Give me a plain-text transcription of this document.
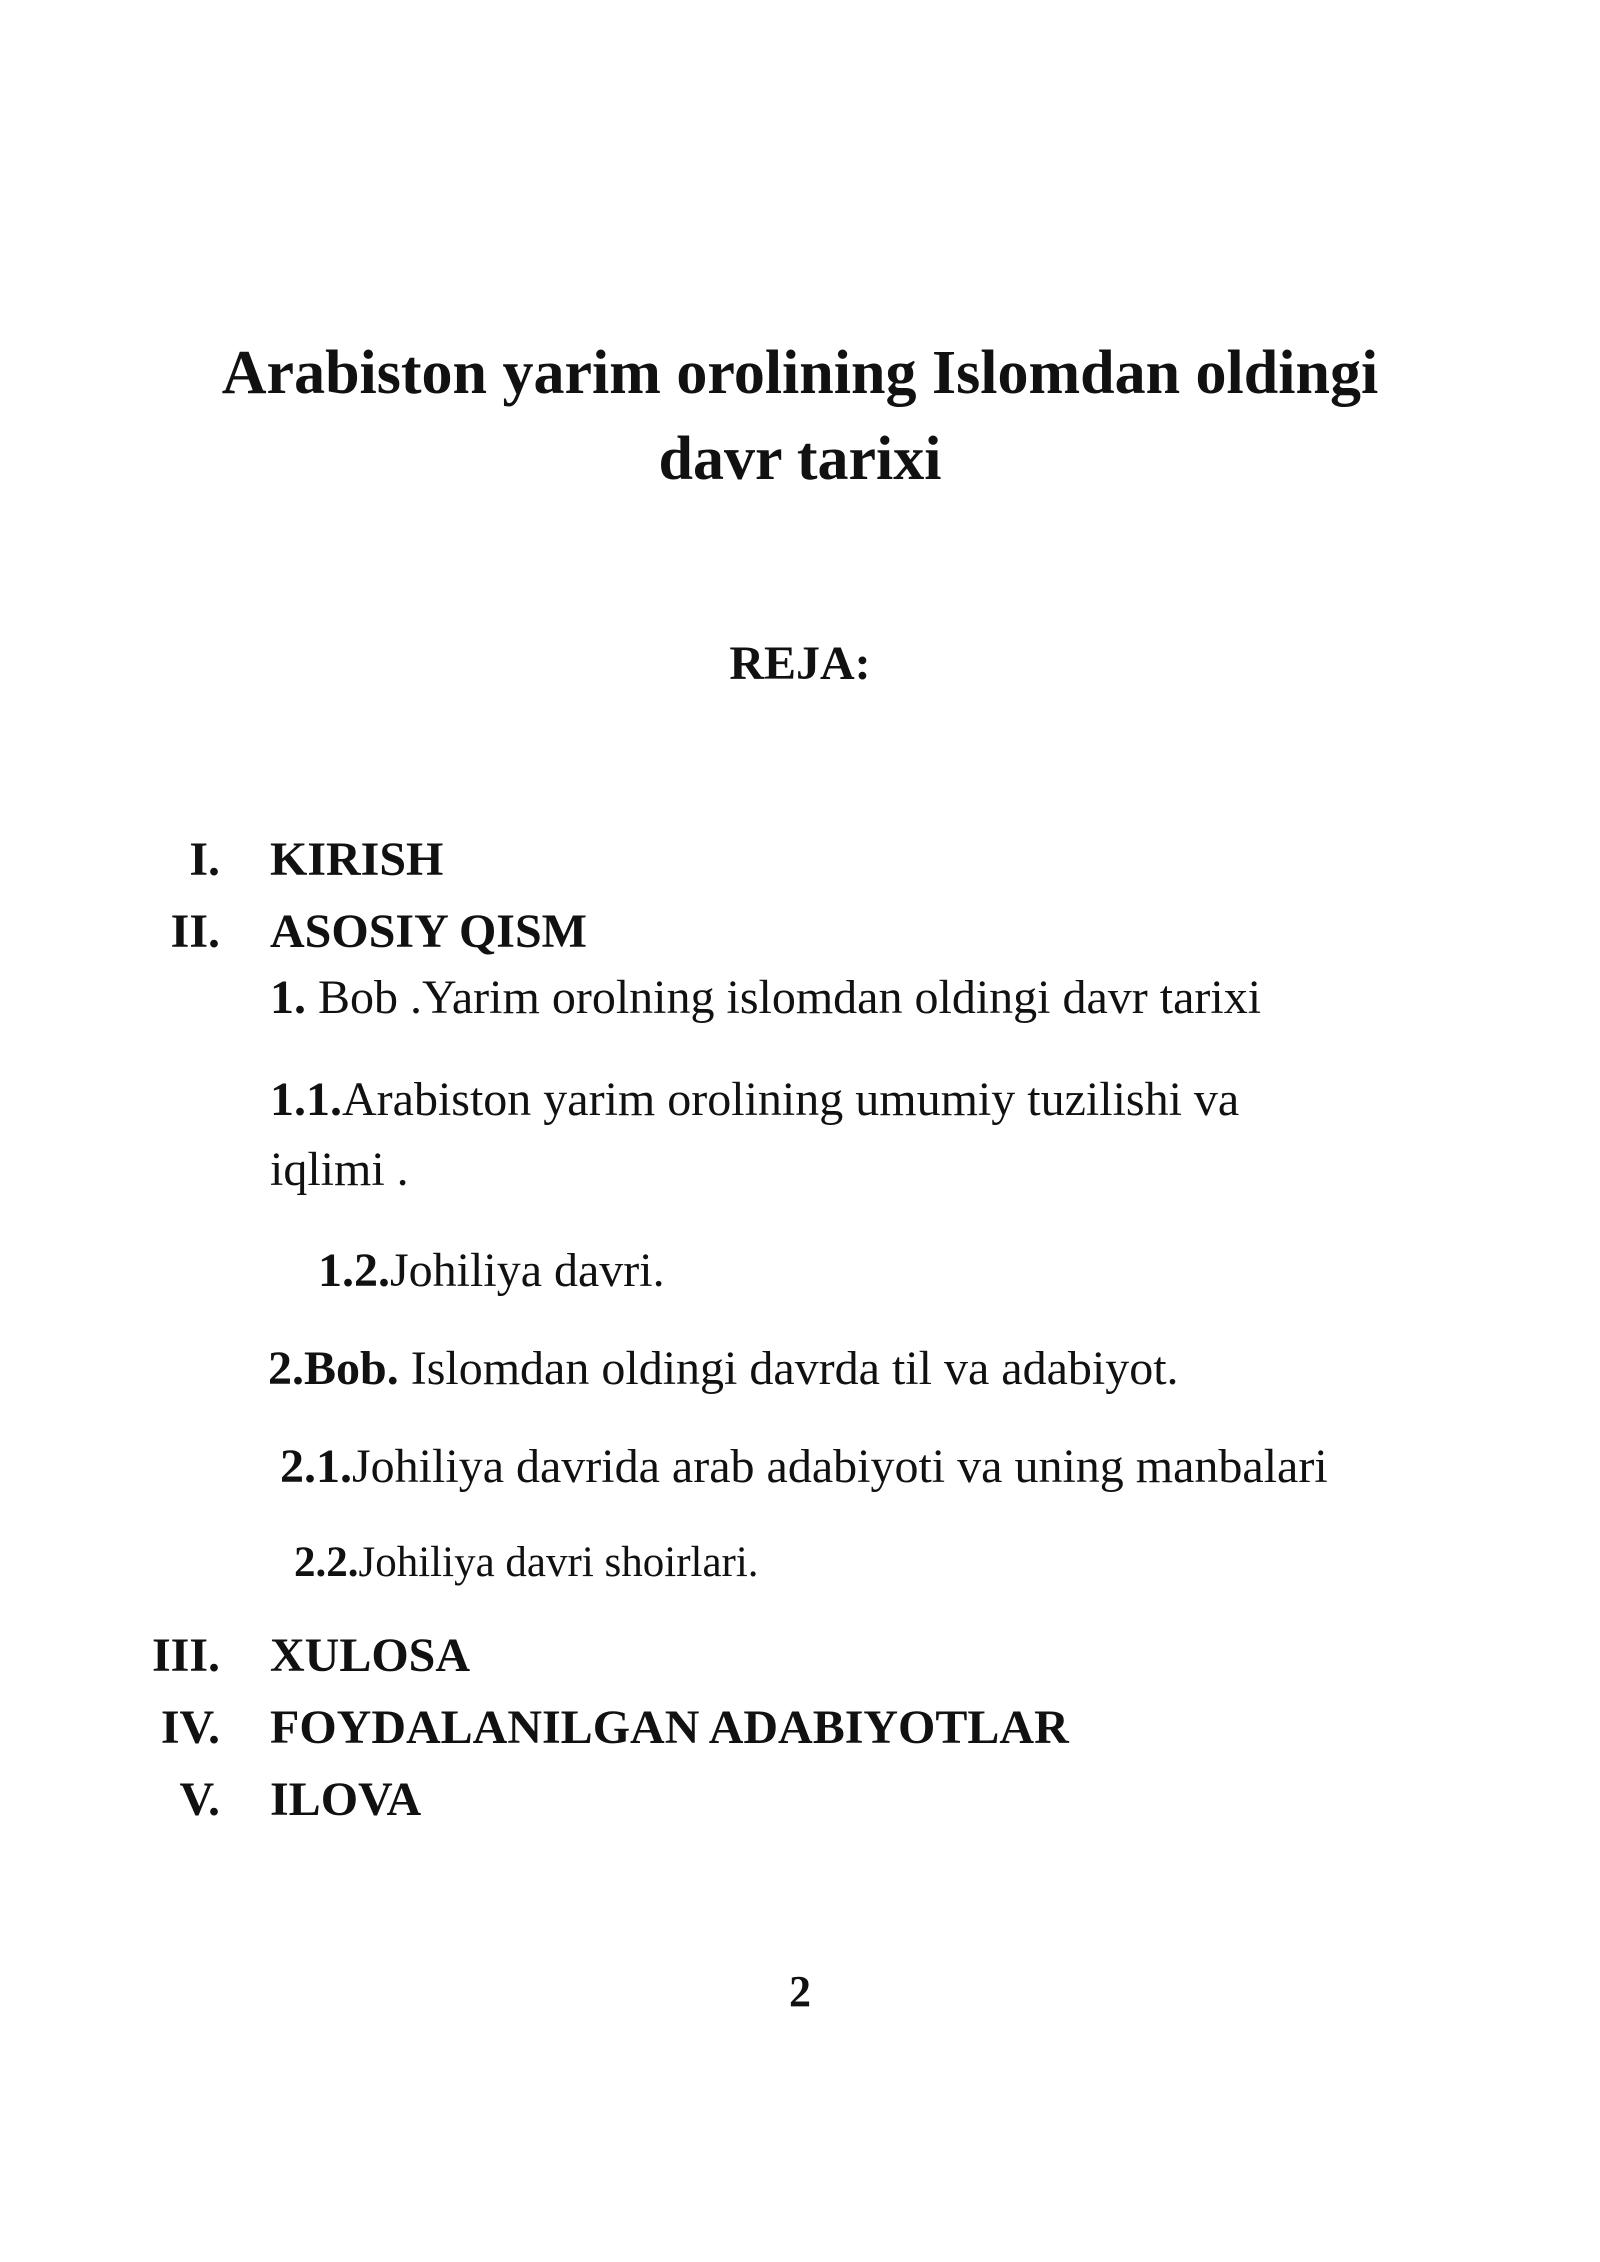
Arabiston yarim orolining Islomdan oldingi
davr tarixi
REJA:
I. KIRISH
II. ASOSIY QISM
1. Bob .Yarim orolning islomdan oldingi davr tarixi
1.1.Arabiston yarim orolining umumiy tuzilishi va
iqlimi .
1.2.Johiliya davri.
2.Bob. Islomdan oldingi davrda til va adabiyot.
2.1.Johiliya davrida arab adabiyoti va uning manbalari
2.2.Johiliya davri shoirlari.
III. XULOSA
IV. FOYDALANILGAN ADABIYOTLAR
V. ILOVA
2
